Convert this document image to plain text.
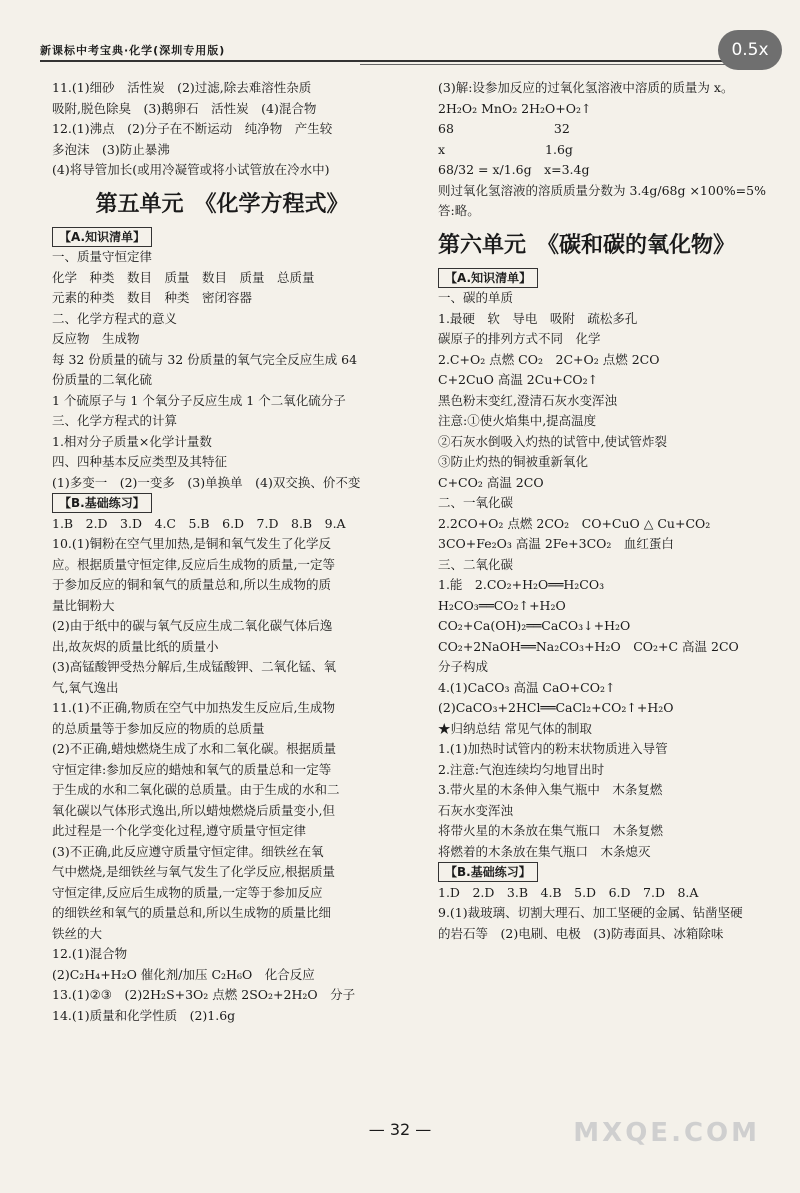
新课标中考宝典·化学(深圳专用版)	0.5x
11.(1)细砂　活性炭　(2)过滤,除去难溶性杂质
吸附,脱色除臭　(3)鹅卵石　活性炭　(4)混合物
12.(1)沸点　(2)分子在不断运动　纯净物　产生较
多泡沫　(3)防止暴沸
(4)将导管加长(或用冷凝管或将小试管放在冷水中)
第五单元　《化学方程式》
【A.知识清单】
一、质量守恒定律
化学　种类　数目　质量　数目　质量　总质量
元素的种类　数目　种类　密闭容器
二、化学方程式的意义
反应物　生成物
每 32 份质量的硫与 32 份质量的氧气完全反应生成 64
份质量的二氧化硫
1 个硫原子与 1 个氧分子反应生成 1 个二氧化硫分子
三、化学方程式的计算
1.相对分子质量×化学计量数
四、四种基本反应类型及其特征
(1)多变一　(2)一变多　(3)单换单　(4)双交换、价不变
【B.基础练习】
1.B　2.D　3.D　4.C　5.B　6.D　7.D　8.B　9.A
10.(1)铜粉在空气里加热,是铜和氧气发生了化学反
应。根据质量守恒定律,反应后生成物的质量,一定等
于参加反应的铜和氧气的质量总和,所以生成物的质
量比铜粉大
(2)由于纸中的碳与氧气反应生成二氧化碳气体后逸
出,故灰烬的质量比纸的质量小
(3)高锰酸钾受热分解后,生成锰酸钾、二氧化锰、氧
气,氧气逸出
11.(1)不正确,物质在空气中加热发生反应后,生成物
的总质量等于参加反应的物质的总质量
(2)不正确,蜡烛燃烧生成了水和二氧化碳。根据质量
守恒定律:参加反应的蜡烛和氧气的质量总和一定等
于生成的水和二氧化碳的总质量。由于生成的水和二
氧化碳以气体形式逸出,所以蜡烛燃烧后质量变小,但
此过程是一个化学变化过程,遵守质量守恒定律
(3)不正确,此反应遵守质量守恒定律。细铁丝在氧
气中燃烧,是细铁丝与氧气发生了化学反应,根据质量
守恒定律,反应后生成物的质量,一定等于参加反应
的细铁丝和氧气的质量总和,所以生成物的质量比细
铁丝的大
12.(1)混合物
(2)C₂H₄+H₂O 催化剂/加压 C₂H₆O　化合反应
13.(1)②③　(2)2H₂S+3O₂ 点燃 2SO₂+2H₂O　分子
14.(1)质量和化学性质　(2)1.6g
(3)解:设参加反应的过氧化氢溶液中溶质的质量为 x。
2H₂O₂ MnO₂ 2H₂O+O₂↑
68　　　　　　　　32
x　　　　　　　　1.6g
68/32 = x/1.6g　x=3.4g
则过氧化氢溶液的溶质质量分数为 3.4g/68g ×100%=5%
答:略。
第六单元　《碳和碳的氧化物》
【A.知识清单】
一、碳的单质
1.最硬　软　导电　吸附　疏松多孔
碳原子的排列方式不同　化学
2.C+O₂ 点燃 CO₂　2C+O₂ 点燃 2CO
C+2CuO 高温 2Cu+CO₂↑
黑色粉末变红,澄清石灰水变浑浊
注意:①使火焰集中,提高温度
②石灰水倒吸入灼热的试管中,使试管炸裂
③防止灼热的铜被重新氧化
C+CO₂ 高温 2CO
二、一氧化碳
2.2CO+O₂ 点燃 2CO₂　CO+CuO △ Cu+CO₂
3CO+Fe₂O₃ 高温 2Fe+3CO₂　血红蛋白
三、二氧化碳
1.能　2.CO₂+H₂O══H₂CO₃
H₂CO₃══CO₂↑+H₂O
CO₂+Ca(OH)₂══CaCO₃↓+H₂O
CO₂+2NaOH══Na₂CO₃+H₂O　CO₂+C 高温 2CO
分子构成
4.(1)CaCO₃ 高温 CaO+CO₂↑
(2)CaCO₃+2HCl══CaCl₂+CO₂↑+H₂O
★归纳总结 常见气体的制取
1.(1)加热时试管内的粉末状物质进入导管
2.注意:气泡连续均匀地冒出时
3.带火星的木条伸入集气瓶中　木条复燃
石灰水变浑浊
将带火星的木条放在集气瓶口　木条复燃
将燃着的木条放在集气瓶口　木条熄灭
【B.基础练习】
1.D　2.D　3.B　4.B　5.D　6.D　7.D　8.A
9.(1)裁玻璃、切割大理石、加工坚硬的金属、钻凿坚硬
的岩石等　(2)电刷、电极　(3)防毒面具、冰箱除味
— 32 —	MXQE.COM
